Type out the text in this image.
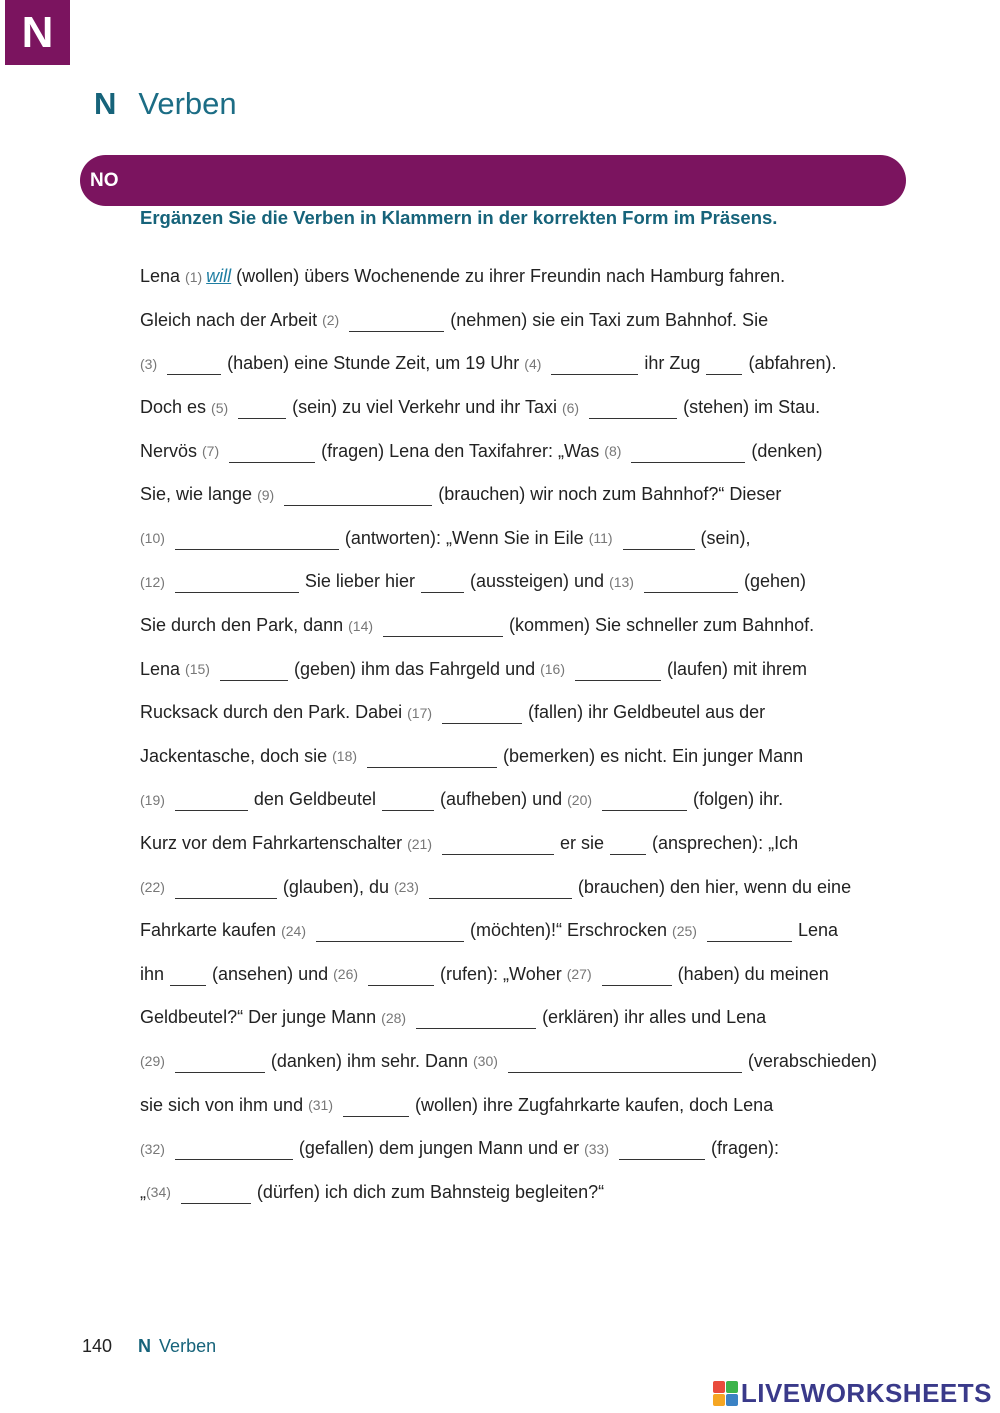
N
N Verben
NO
Ergänzen Sie die Verben in Klammern in der korrekten Form im Präsens.
Lena (1) will (wollen) übers Wochenende zu ihrer Freundin nach Hamburg fahren.
Gleich nach der Arbeit (2)	(nehmen) sie ein Taxi zum Bahnhof. Sie
(3)	(haben) eine Stunde Zeit, um 19 Uhr (4)	ihr Zug	(abfahren).
Doch es (5)	(sein) zu viel Verkehr und ihr Taxi (6)	(stehen) im Stau.
Nervös (7)	(fragen) Lena den Taxifahrer: „Was (8)	(denken)
Sie, wie lange (9)	(brauchen) wir noch zum Bahnhof?“ Dieser
(10)	(antworten): „Wenn Sie in Eile (11)	(sein),
(12)	Sie lieber hier	(aussteigen) und (13)	(gehen)
Sie durch den Park, dann (14)	(kommen) Sie schneller zum Bahnhof.
Lena (15)	(geben) ihm das Fahrgeld und (16)	(laufen) mit ihrem
Rucksack durch den Park. Dabei (17)	(fallen) ihr Geldbeutel aus der
Jackentasche, doch sie (18)	(bemerken) es nicht. Ein junger Mann
(19)	den Geldbeutel	(aufheben) und (20)	(folgen) ihr.
Kurz vor dem Fahrkartenschalter (21)	er sie	(ansprechen): „Ich
(22)	(glauben), du (23)	(brauchen) den hier, wenn du eine
Fahrkarte kaufen (24)	(möchten)!“ Erschrocken (25)	Lena
ihn	(ansehen) und (26)	(rufen): „Woher (27)	(haben) du meinen
Geldbeutel?“ Der junge Mann (28)	(erklären) ihr alles und Lena
(29)	(danken) ihm sehr. Dann (30)	(verabschieden)
sie sich von ihm und (31)	(wollen) ihre Zugfahrkarte kaufen, doch Lena
(32)	(gefallen) dem jungen Mann und er (33)	(fragen):
„ (34)	(dürfen) ich dich zum Bahnsteig begleiten?“
140 N Verben
LIVEWORKSHEETS
